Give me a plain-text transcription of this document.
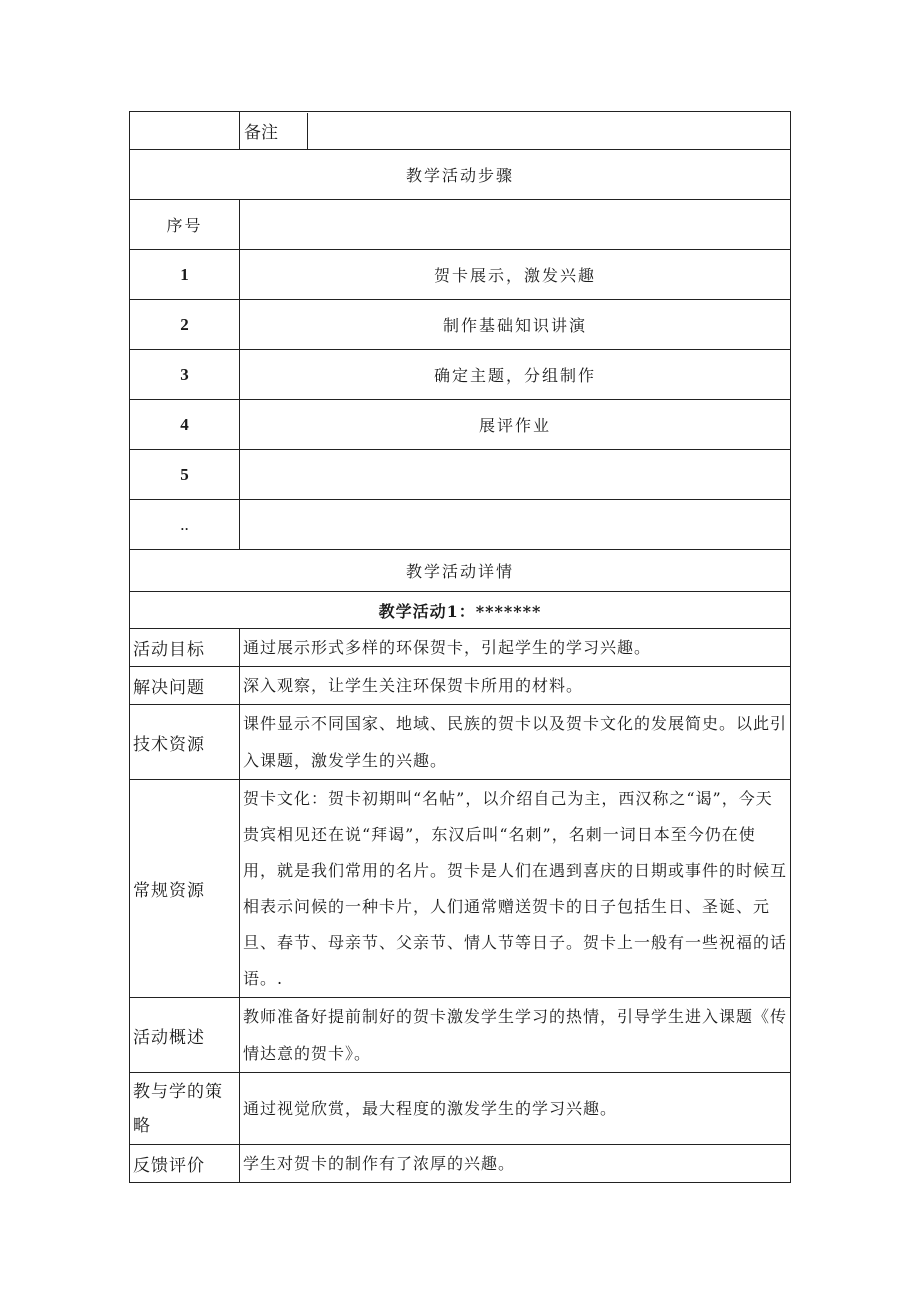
备注

教学活动步骤	
序号	
1	贺卡展示，激发兴趣
2	制作基础知识讲演
3	确定主题，分组制作
4	展评作业
5	
..	
教学活动详情	
教学活动1：*******	
活动目标	通过展示形式多样的环保贺卡，引起学生的学习兴趣。
解决问题	深入观察，让学生关注环保贺卡所用的材料。
技术资源	课件显示不同国家、地域、民族的贺卡以及贺卡文化的发展简史。以此引入课题，激发学生的兴趣。
常规资源	贺卡文化：贺卡初期叫“名帖”，以介绍自己为主，西汉称之“谒”，今天贵宾相见还在说“拜谒”，东汉后叫“名刺”，名刺一词日本至今仍在使用，就是我们常用的名片。贺卡是人们在遇到喜庆的日期或事件的时候互相表示问候的一种卡片，人们通常赠送贺卡的日子包括生日、圣诞、元旦、春节、母亲节、父亲节、情人节等日子。贺卡上一般有一些祝福的话语。.
活动概述	教师准备好提前制好的贺卡激发学生学习的热情，引导学生进入课题《传情达意的贺卡》。
教与学的策略	通过视觉欣赏，最大程度的激发学生的学习兴趣。
反馈评价	学生对贺卡的制作有了浓厚的兴趣。
